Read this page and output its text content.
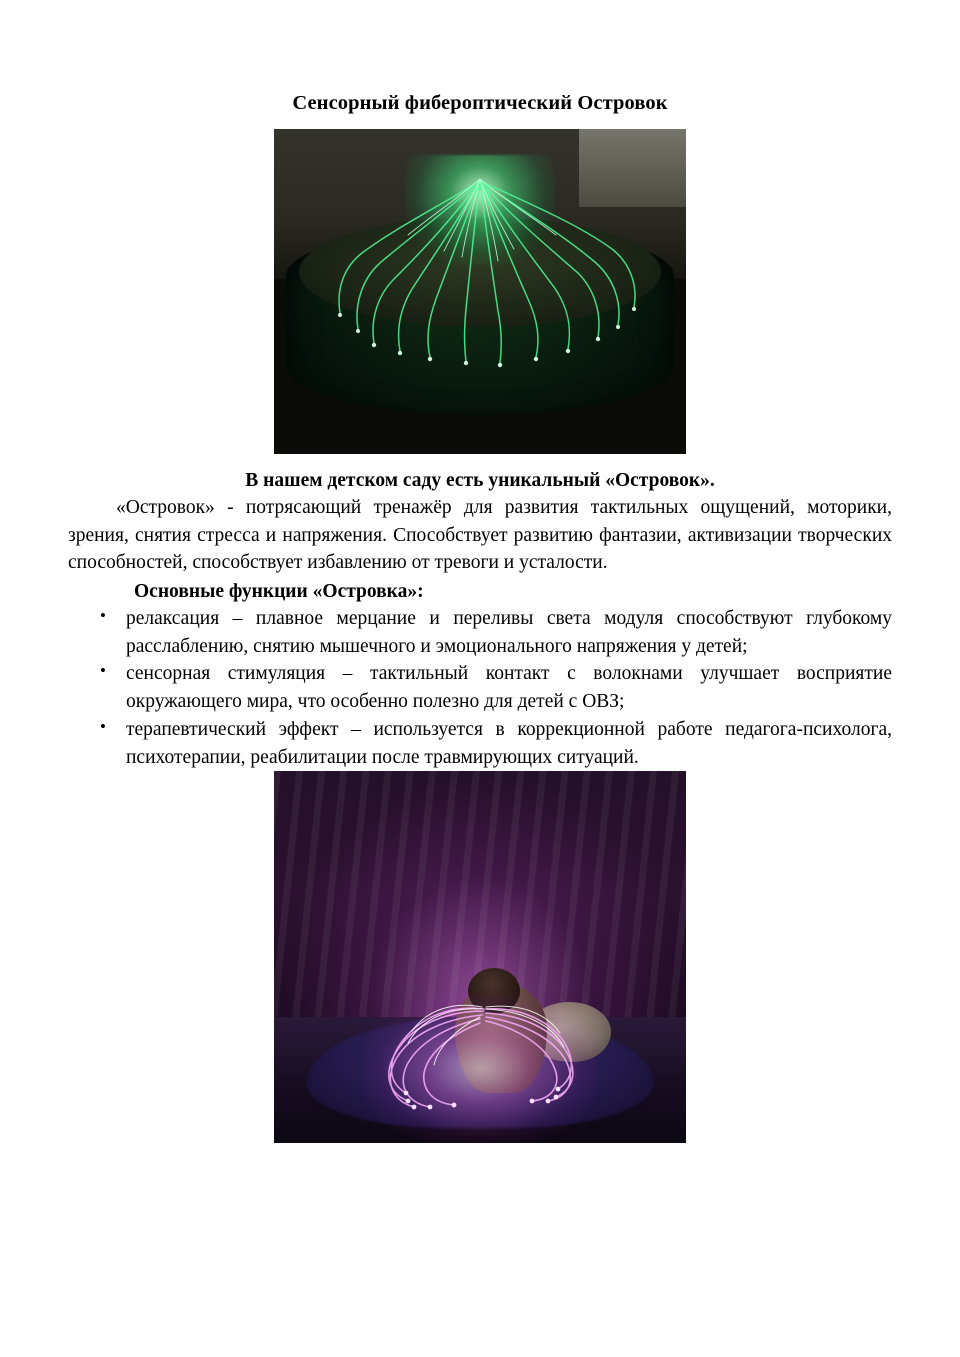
Сенсорный фибероптический Островок

В нашем детском саду есть уникальный «Островок».

«Островок» - потрясающий тренажёр для развития тактильных ощущений, моторики, зрения, снятия стресса и напряжения. Способствует развитию фантазии, активизации творческих способностей, способствует избавлению от тревоги и усталости.

Основные функции «Островка»:

• релаксация – плавное мерцание и переливы света модуля способствуют глубокому расслаблению, снятию мышечного и эмоционального напряжения у детей;
• сенсорная стимуляция – тактильный контакт с волокнами улучшает восприятие окружающего мира, что особенно полезно для детей с ОВЗ;
• терапевтический эффект – используется в коррекционной работе педагога-психолога, психотерапии, реабилитации после травмирующих ситуаций.
